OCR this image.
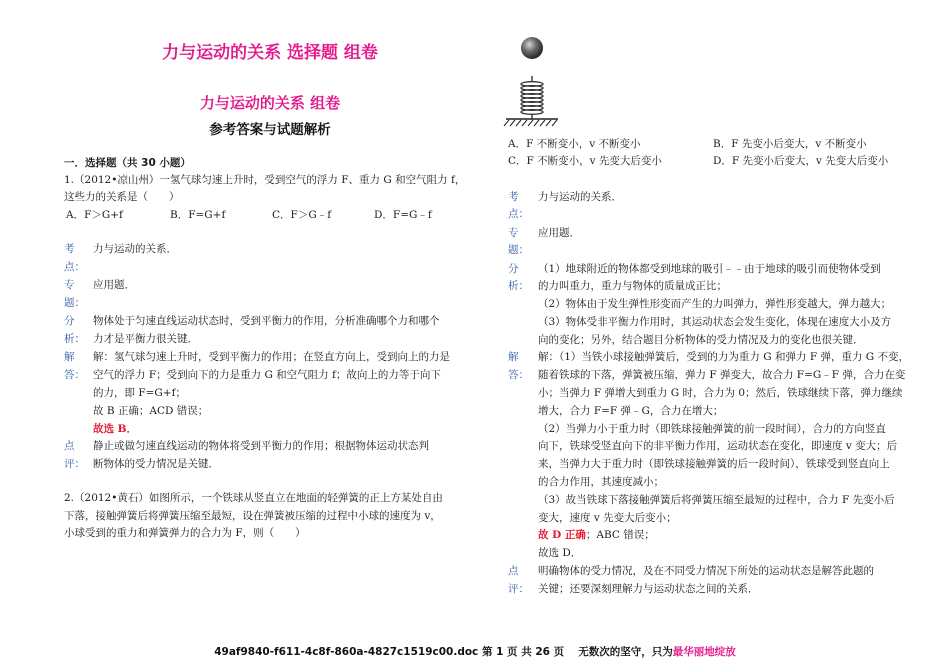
力与运动的关系 选择题 组卷
力与运动的关系 组卷
参考答案与试题解析
一．选择题（共 30 小题）
1.（2012•凉山州）一氢气球匀速上升时，受到空气的浮力 F、重力 G 和空气阻力 f，
这些力的关系是（　　）
A．F＞G+f	B．F=G+f	C．F＞G﹣f	D．F=G﹣f
考
点：
力与运动的关系．
专
题：
应用题．
分
析：
物体处于匀速直线运动状态时，受到平衡力的作用，分析准确哪个力和哪个
力才是平衡力很关键．
解
答：
解：氢气球匀速上升时，受到平衡力的作用；在竖直方向上，受到向上的力是
空气的浮力 F；受到向下的力是重力 G 和空气阻力 f；故向上的力等于向下
的力，即 F=G+f；
故 B 正确；ACD 错误；
故选 B．
点
评：
静止或做匀速直线运动的物体将受到平衡力的作用；根据物体运动状态判
断物体的受力情况是关键．
2.（2012•黄石）如图所示，一个铁球从竖直立在地面的轻弹簧的正上方某处自由
下落，接触弹簧后将弹簧压缩至最短，设在弹簧被压缩的过程中小球的速度为 v，
小球受到的重力和弹簧弹力的合力为 F，则（　　）
A．F 不断变小，v 不断变小	B．F 先变小后变大，v 不断变小
C．F 不断变小，v 先变大后变小	D．F 先变小后变大，v 先变大后变小
考
点：
力与运动的关系．
专
题：
应用题．
分
析：
（1）地球附近的物体都受到地球的吸引﹣﹣由于地球的吸引而使物体受到
的力叫重力，重力与物体的质量成正比；
（2）物体由于发生弹性形变而产生的力叫弹力，弹性形变越大，弹力越大；
（3）物体受非平衡力作用时，其运动状态会发生变化，体现在速度大小及方
向的变化；另外，结合题目分析物体的受力情况及力的变化也很关键．
解
答：
解：（1）当铁小球接触弹簧后，受到的力为重力 G 和弹力 F 弹，重力 G 不变，
随着铁球的下落，弹簧被压缩，弹力 F 弹变大，故合力 F=G﹣F 弹，合力在变
小；当弹力 F 弹增大到重力 G 时，合力为 0；然后，铁球继续下落，弹力继续
增大，合力 F=F 弹﹣G，合力在增大；
（2）当弹力小于重力时（即铁球接触弹簧的前一段时间），合力的方向竖直
向下，铁球受竖直向下的非平衡力作用，运动状态在变化，即速度 v 变大；后
来，当弹力大于重力时（即铁球接触弹簧的后一段时间），铁球受到竖直向上
的合力作用，其速度减小；
（3）故当铁球下落接触弹簧后将弹簧压缩至最短的过程中，合力 F 先变小后
变大，速度 v 先变大后变小；
故 D 正确；ABC 错误；
故选 D．
点
评：
明确物体的受力情况，及在不同受力情况下所处的运动状态是解答此题的
关键；还要深刻理解力与运动状态之间的关系．
49af9840-f611-4c8f-860a-4827c1519c00.doc 第 1 页 共 26 页　 无数次的坚守，只为最华丽地绽放
